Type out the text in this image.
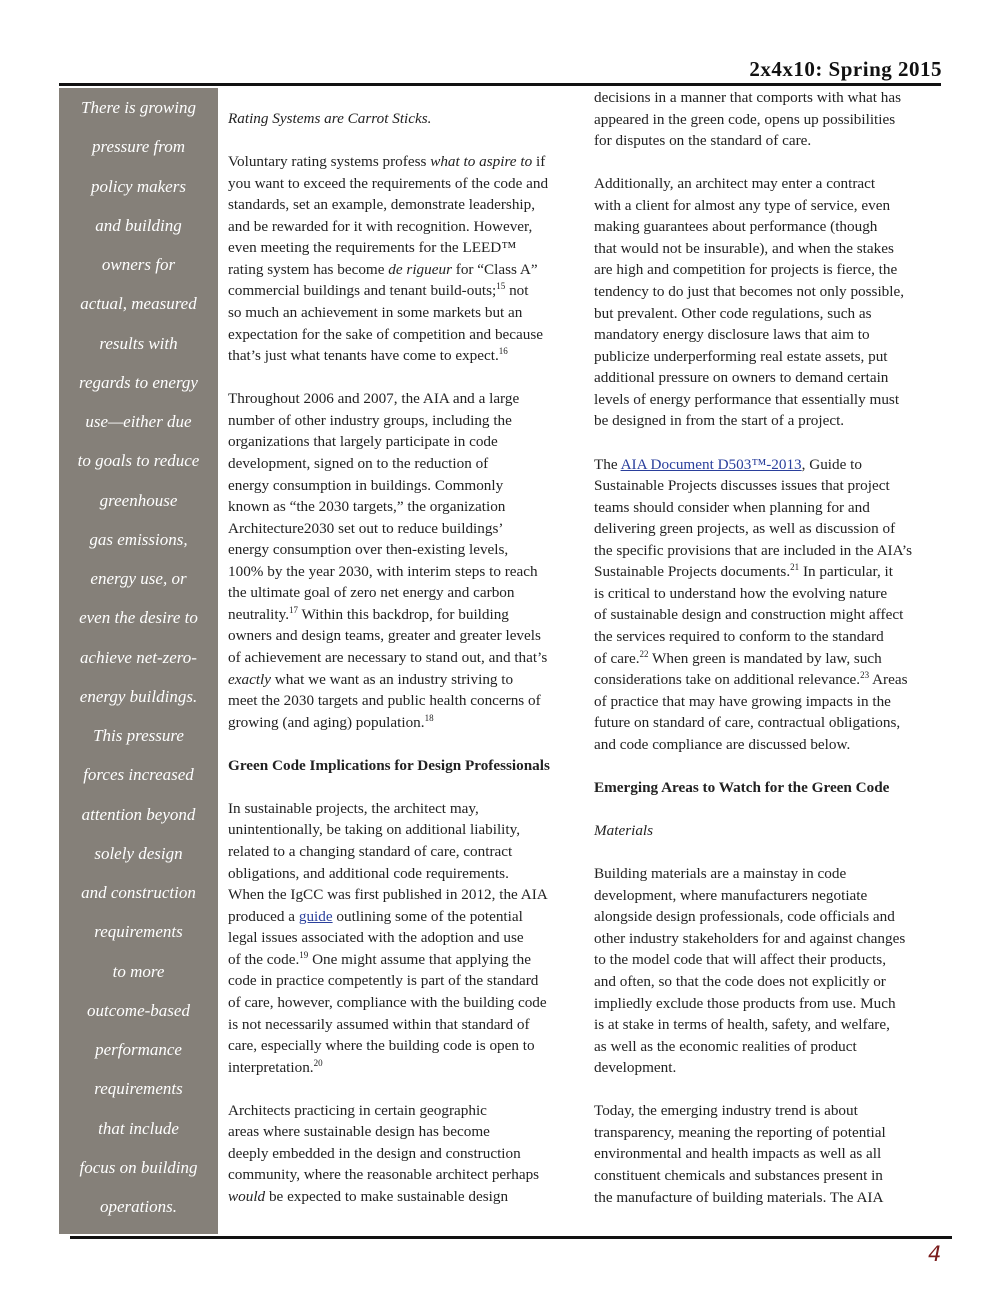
2x4x10: Spring 2015
There is growing
pressure from
policy makers
and building
owners for
actual, measured
results with
regards to energy
use—either due
to goals to reduce
greenhouse
gas emissions,
energy use, or
even the desire to
achieve net-zero-
energy buildings.
This pressure
forces increased
attention beyond
solely design
and construction
requirements
to more
outcome-based
performance
requirements
that include
focus on building
operations.
Rating Systems are Carrot Sticks.
Voluntary rating systems profess what to aspire to if
you want to exceed the requirements of the code and
standards, set an example, demonstrate leadership,
and be rewarded for it with recognition. However,
even meeting the requirements for the LEED™
rating system has become de rigueur for “Class A”
commercial buildings and tenant build-outs;$^{15}$ not
so much an achievement in some markets but an
expectation for the sake of competition and because
that’s just what tenants have come to expect.$^{16}$
Throughout 2006 and 2007, the AIA and a large
number of other industry groups, including the
organizations that largely participate in code
development, signed on to the reduction of
energy consumption in buildings. Commonly
known as “the 2030 targets,” the organization
Architecture2030 set out to reduce buildings’
energy consumption over then-existing levels,
100% by the year 2030, with interim steps to reach
the ultimate goal of zero net energy and carbon
neutrality.$^{17}$ Within this backdrop, for building
owners and design teams, greater and greater levels
of achievement are necessary to stand out, and that’s
exactly what we want as an industry striving to
meet the 2030 targets and public health concerns of
growing (and aging) population.$^{18}$
Green Code Implications for Design Professionals
In sustainable projects, the architect may,
unintentionally, be taking on additional liability,
related to a changing standard of care, contract
obligations, and additional code requirements.
When the IgCC was first published in 2012, the AIA
produced a guide outlining some of the potential
legal issues associated with the adoption and use
of the code.$^{19}$ One might assume that applying the
code in practice competently is part of the standard
of care, however, compliance with the building code
is not necessarily assumed within that standard of
care, especially where the building code is open to
interpretation.$^{20}$
Architects practicing in certain geographic
areas where sustainable design has become
deeply embedded in the design and construction
community, where the reasonable architect perhaps
would be expected to make sustainable design
decisions in a manner that comports with what has
appeared in the green code, opens up possibilities
for disputes on the standard of care.
Additionally, an architect may enter a contract
with a client for almost any type of service, even
making guarantees about performance (though
that would not be insurable), and when the stakes
are high and competition for projects is fierce, the
tendency to do just that becomes not only possible,
but prevalent. Other code regulations, such as
mandatory energy disclosure laws that aim to
publicize underperforming real estate assets, put
additional pressure on owners to demand certain
levels of energy performance that essentially must
be designed in from the start of a project.
The AIA Document D503™-2013, Guide to
Sustainable Projects discusses issues that project
teams should consider when planning for and
delivering green projects, as well as discussion of
the specific provisions that are included in the AIA’s
Sustainable Projects documents.$^{21}$ In particular, it
is critical to understand how the evolving nature
of sustainable design and construction might affect
the services required to conform to the standard
of care.$^{22}$ When green is mandated by law, such
considerations take on additional relevance.$^{23}$ Areas
of practice that may have growing impacts in the
future on standard of care, contractual obligations,
and code compliance are discussed below.
Emerging Areas to Watch for the Green Code
Materials
Building materials are a mainstay in code
development, where manufacturers negotiate
alongside design professionals, code officials and
other industry stakeholders for and against changes
to the model code that will affect their products,
and often, so that the code does not explicitly or
impliedly exclude those products from use. Much
is at stake in terms of health, safety, and welfare,
as well as the economic realities of product
development.
Today, the emerging industry trend is about
transparency, meaning the reporting of potential
environmental and health impacts as well as all
constituent chemicals and substances present in
the manufacture of building materials. The AIA
4
